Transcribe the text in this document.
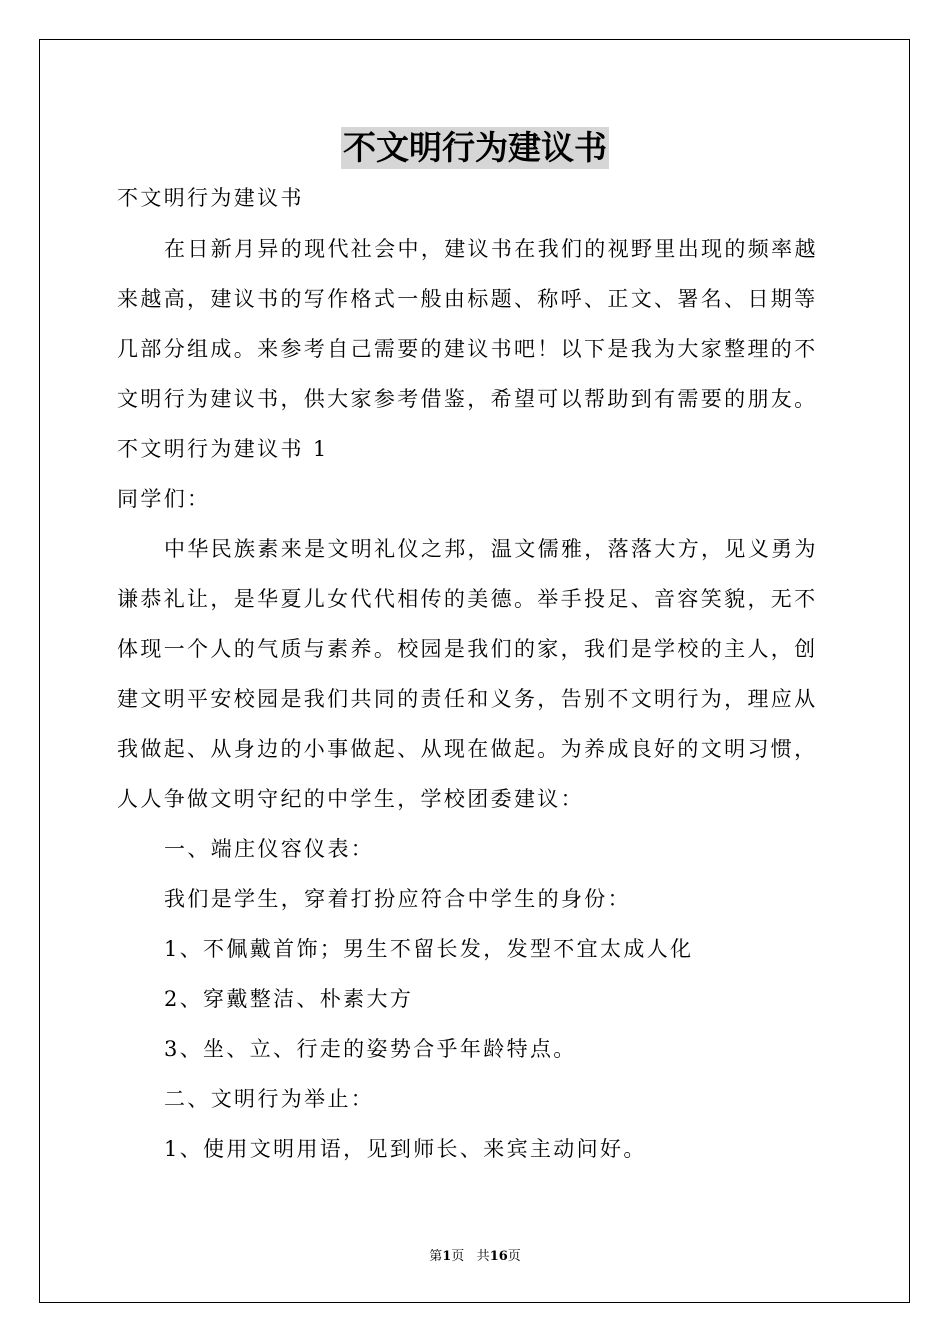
不文明行为建议书
不文明行为建议书
在日新月异的现代社会中，建议书在我们的视野里出现的频率越
来越高，建议书的写作格式一般由标题、称呼、正文、署名、日期等
几部分组成。来参考自己需要的建议书吧！以下是我为大家整理的不
文明行为建议书，供大家参考借鉴，希望可以帮助到有需要的朋友。
不文明行为建议书 1
同学们：
中华民族素来是文明礼仪之邦，温文儒雅，落落大方，见义勇为
谦恭礼让，是华夏儿女代代相传的美德。举手投足、音容笑貌，无不
体现一个人的气质与素养。校园是我们的家，我们是学校的主人，创
建文明平安校园是我们共同的责任和义务，告别不文明行为，理应从
我做起、从身边的小事做起、从现在做起。为养成良好的文明习惯，
人人争做文明守纪的中学生，学校团委建议：
一、端庄仪容仪表：
我们是学生，穿着打扮应符合中学生的身份：
1、不佩戴首饰；男生不留长发，发型不宜太成人化
2、穿戴整洁、朴素大方
3、坐、立、行走的姿势合乎年龄特点。
二、文明行为举止：
1、使用文明用语，见到师长、来宾主动问好。
第1页 共16页
